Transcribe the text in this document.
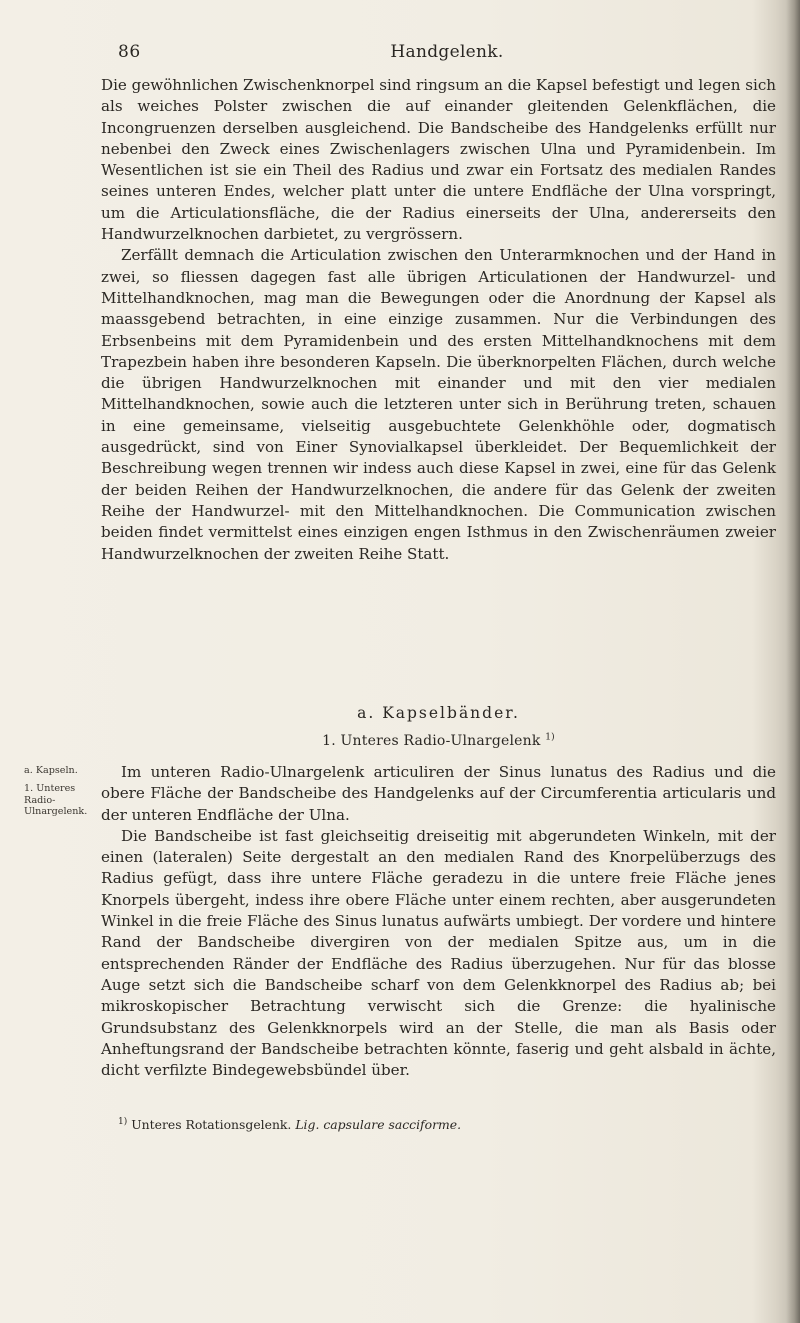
86	Handgelenk.

Die gewöhnlichen Zwischenknorpel sind ringsum an die Kapsel befestigt und legen sich als weiches Polster zwischen die auf einander gleitenden Gelenkflächen, die Incongruenzen derselben ausgleichend. Die Bandscheibe des Handgelenks erfüllt nur nebenbei den Zweck eines Zwischenlagers zwischen Ulna und Pyramidenbein. Im Wesentlichen ist sie ein Theil des Radius und zwar ein Fortsatz des medialen Randes seines unteren Endes, welcher platt unter die untere Endfläche der Ulna vorspringt, um die Articulationsfläche, die der Radius einerseits der Ulna, andererseits den Handwurzelknochen darbietet, zu vergrössern.

Zerfällt demnach die Articulation zwischen den Unterarmknochen und der Hand in zwei, so fliessen dagegen fast alle übrigen Articulationen der Handwurzel- und Mittelhandknochen, mag man die Bewegungen oder die Anordnung der Kapsel als maassgebend betrachten, in eine einzige zusammen. Nur die Verbindungen des Erbsenbeins mit dem Pyramidenbein und des ersten Mittelhandknochens mit dem Trapezbein haben ihre besonderen Kapseln. Die überknorpelten Flächen, durch welche die übrigen Handwurzelknochen mit einander und mit den vier medialen Mittelhandknochen, sowie auch die letzteren unter sich in Berührung treten, schauen in eine gemeinsame, vielseitig ausgebuchtete Gelenkhöhle oder, dogmatisch ausgedrückt, sind von Einer Synovialkapsel überkleidet. Der Bequemlichkeit der Beschreibung wegen trennen wir indess auch diese Kapsel in zwei, eine für das Gelenk der beiden Reihen der Handwurzelknochen, die andere für das Gelenk der zweiten Reihe der Handwurzel- mit den Mittelhandknochen. Die Communication zwischen beiden findet vermittelst eines einzigen engen Isthmus in den Zwischenräumen zweier Handwurzelknochen der zweiten Reihe Statt.

a. Kapselbänder.
1. Unteres Radio-Ulnargelenk $^{1)}$
a. Kapseln.
1. Unteres Radio-Ulnargelenk.

Im unteren Radio-Ulnargelenk articuliren der Sinus lunatus des Radius und die obere Fläche der Bandscheibe des Handgelenks auf der Circumferentia articularis und der unteren Endfläche der Ulna.

Die Bandscheibe ist fast gleichseitig dreiseitig mit abgerundeten Winkeln, mit der einen (lateralen) Seite dergestalt an den medialen Rand des Knorpelüberzugs des Radius gefügt, dass ihre untere Fläche geradezu in die untere freie Fläche jenes Knorpels übergeht, indess ihre obere Fläche unter einem rechten, aber ausgerundeten Winkel in die freie Fläche des Sinus lunatus aufwärts umbiegt. Der vordere und hintere Rand der Bandscheibe divergiren von der medialen Spitze aus, um in die entsprechenden Ränder der Endfläche des Radius überzugehen. Nur für das blosse Auge setzt sich die Bandscheibe scharf von dem Gelenkknorpel des Radius ab; bei mikroskopischer Betrachtung verwischt sich die Grenze: die hyalinische Grundsubstanz des Gelenkknorpels wird an der Stelle, die man als Basis oder Anheftungsrand der Bandscheibe betrachten könnte, faserig und geht alsbald in ächte, dicht verfilzte Bindegewebsbündel über.

$^{1)}$ Unteres Rotationsgelenk. Lig. capsulare sacciforme.
